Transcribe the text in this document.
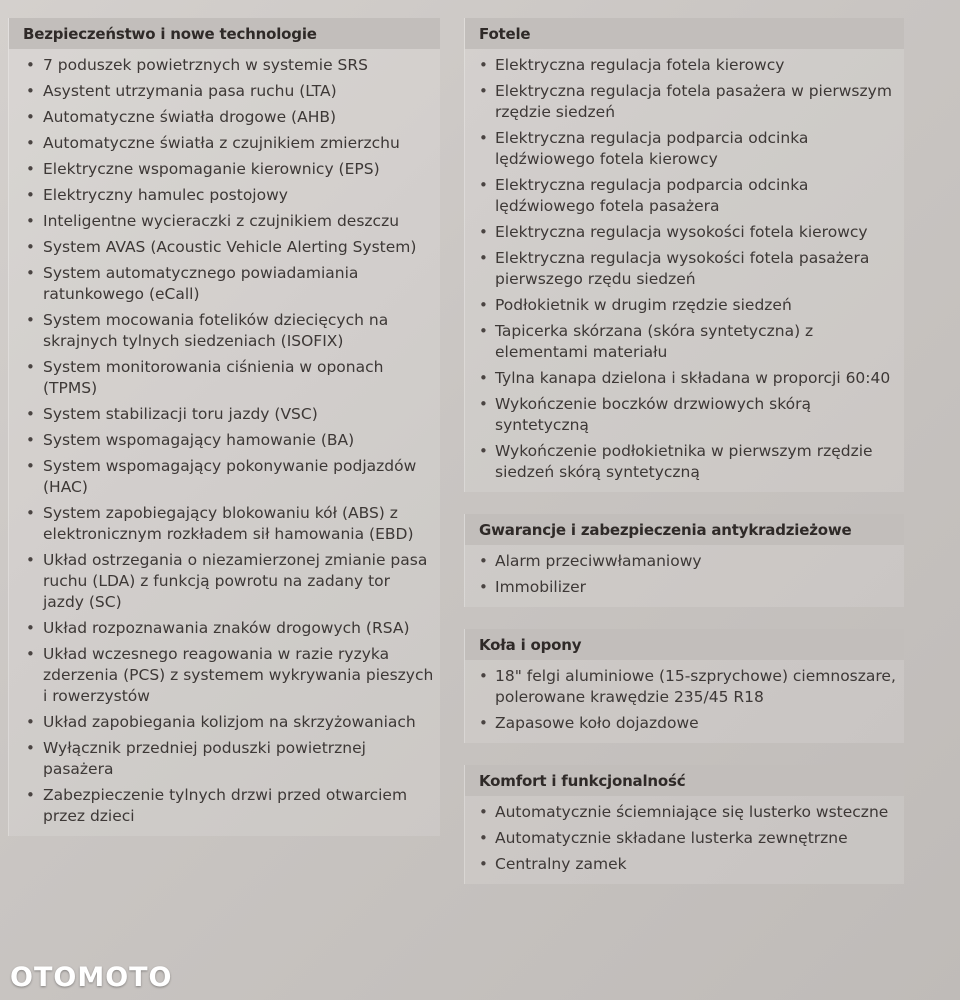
Bezpieczeństwo i nowe technologie
• 7 poduszek powietrznych w systemie SRS
• Asystent utrzymania pasa ruchu (LTA)
• Automatyczne światła drogowe (AHB)
• Automatyczne światła z czujnikiem zmierzchu
• Elektryczne wspomaganie kierownicy (EPS)
• Elektryczny hamulec postojowy
• Inteligentne wycieraczki z czujnikiem deszczu
• System AVAS (Acoustic Vehicle Alerting System)
• System automatycznego powiadamiania ratunkowego (eCall)
• System mocowania fotelików dziecięcych na skrajnych tylnych siedzeniach (ISOFIX)
• System monitorowania ciśnienia w oponach (TPMS)
• System stabilizacji toru jazdy (VSC)
• System wspomagający hamowanie (BA)
• System wspomagający pokonywanie podjazdów (HAC)
• System zapobiegający blokowaniu kół (ABS) z elektronicznym rozkładem sił hamowania (EBD)
• Układ ostrzegania o niezamierzonej zmianie pasa ruchu (LDA) z funkcją powrotu na zadany tor jazdy (SC)
• Układ rozpoznawania znaków drogowych (RSA)
• Układ wczesnego reagowania w razie ryzyka zderzenia (PCS) z systemem wykrywania pieszych i rowerzystów
• Układ zapobiegania kolizjom na skrzyżowaniach
• Wyłącznik przedniej poduszki powietrznej pasażera
• Zabezpieczenie tylnych drzwi przed otwarciem przez dzieci
Fotele
• Elektryczna regulacja fotela kierowcy
• Elektryczna regulacja fotela pasażera w pierwszym rzędzie siedzeń
• Elektryczna regulacja podparcia odcinka lędźwiowego fotela kierowcy
• Elektryczna regulacja podparcia odcinka lędźwiowego fotela pasażera
• Elektryczna regulacja wysokości fotela kierowcy
• Elektryczna regulacja wysokości fotela pasażera pierwszego rzędu siedzeń
• Podłokietnik w drugim rzędzie siedzeń
• Tapicerka skórzana (skóra syntetyczna) z elementami materiału
• Tylna kanapa dzielona i składana w proporcji 60:40
• Wykończenie boczków drzwiowych skórą syntetyczną
• Wykończenie podłokietnika w pierwszym rzędzie siedzeń skórą syntetyczną
Gwarancje i zabezpieczenia antykradzieżowe
• Alarm przeciwwłamaniowy
• Immobilizer
Koła i opony
• 18" felgi aluminiowe (15-szprychowe) ciemnoszare, polerowane krawędzie 235/45 R18
• Zapasowe koło dojazdowe
Komfort i funkcjonalność
• Automatycznie ściemniające się lusterko wsteczne
• Automatycznie składane lusterka zewnętrzne
• Centralny zamek
OTOMOTO
